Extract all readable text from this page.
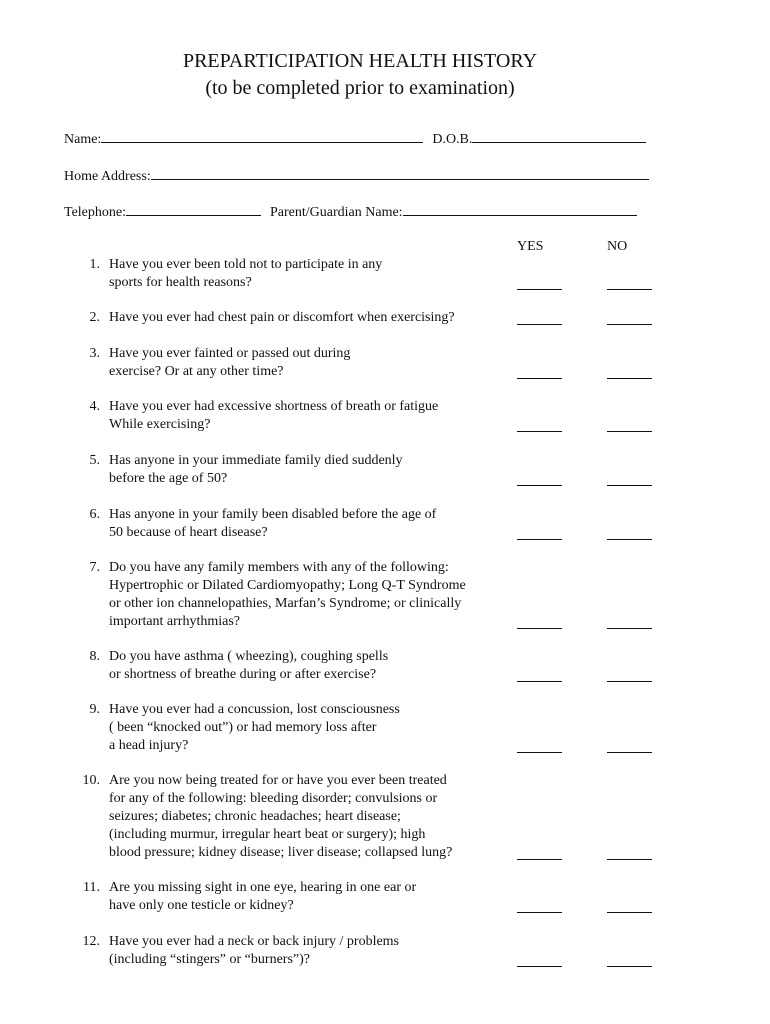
PREPARTICIPATION HEALTH HISTORY
(to be completed prior to examination)
Name:	D.O.B.
Home Address:
Telephone:	Parent/Guardian Name:
YES	NO
1. Have you ever been told not to participate in any
sports for health reasons?
2. Have you ever had chest pain or discomfort when exercising?
3. Have you ever fainted or passed out during
exercise? Or at any other time?
4. Have you ever had excessive shortness of breath or fatigue
While exercising?
5. Has anyone in your immediate family died suddenly
before the age of 50?
6. Has anyone in your family been disabled before the age of
50 because of heart disease?
7. Do you have any family members with any of the following:
Hypertrophic or Dilated Cardiomyopathy; Long Q-T Syndrome
or other ion channelopathies, Marfan’s Syndrome; or clinically
important arrhythmias?
8. Do you have asthma ( wheezing), coughing spells
or shortness of breathe during or after exercise?
9. Have you ever had a concussion, lost consciousness
( been “knocked out”) or had memory loss after
a head injury?
10. Are you now being treated for or have you ever been treated
for any of the following: bleeding disorder; convulsions or
seizures; diabetes; chronic headaches; heart disease;
(including murmur, irregular heart beat or surgery); high
blood pressure; kidney disease; liver disease; collapsed lung?
11. Are you missing sight in one eye, hearing in one ear or
have only one testicle or kidney?
12. Have you ever had a neck or back injury / problems
(including “stingers” or “burners”)?
